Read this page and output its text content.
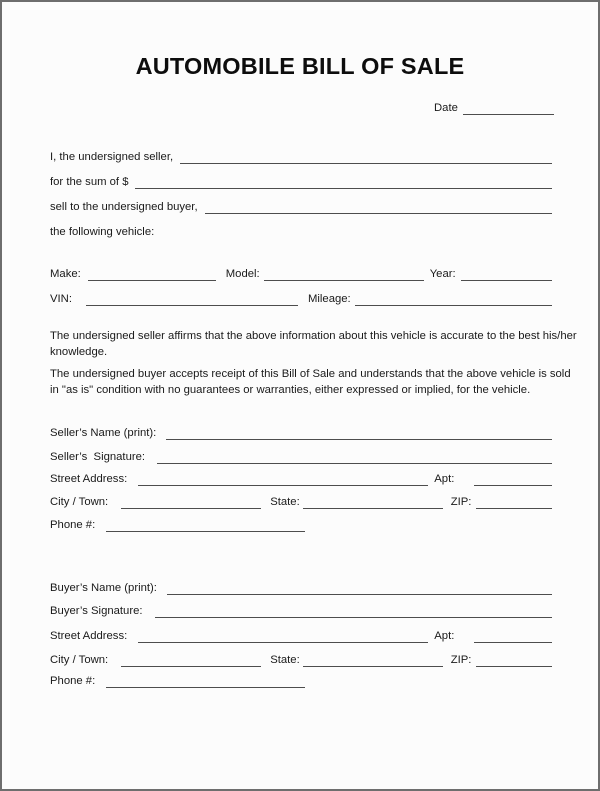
AUTOMOBILE BILL OF SALE
Date
I, the undersigned seller,
for the sum of $
sell to the undersigned buyer,
the following vehicle:
Make:	Model:	Year:
VIN:	Mileage:
The undersigned seller affirms that the above information about this vehicle is accurate to the best his/her
knowledge.
The undersigned buyer accepts receipt of this Bill of Sale and understands that the above vehicle is sold
in "as is" condition with no guarantees or warranties, either expressed or implied, for the vehicle.
Seller’s Name (print):
Seller’s  Signature:
Street Address:	Apt:
City / Town:	State:	ZIP:
Phone #:
Buyer’s Name (print):
Buyer’s Signature:
Street Address:	Apt:
City / Town:	State:	ZIP:
Phone #:
